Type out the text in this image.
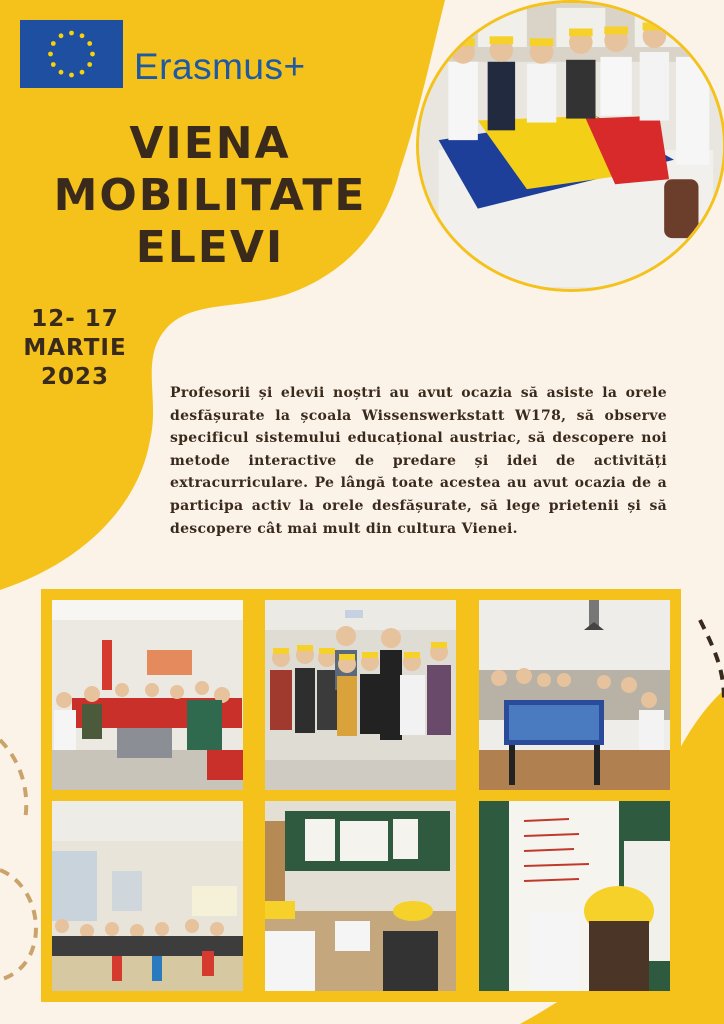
Erasmus+
VIENA
MOBILITATE
ELEVI
12- 17
MARTIE
2023

Profesorii și elevii noștri au avut ocazia să asiste la orele desfășurate la școala Wissenswerkstatt W178, să observe specificul sistemului educațional austriac, să descopere noi metode interactive de predare și idei de activități extracurriculare. Pe lângă toate acestea au avut ocazia de a participa activ la orele desfășurate, să lege prietenii și să descopere cât mai mult din cultura Vienei.
